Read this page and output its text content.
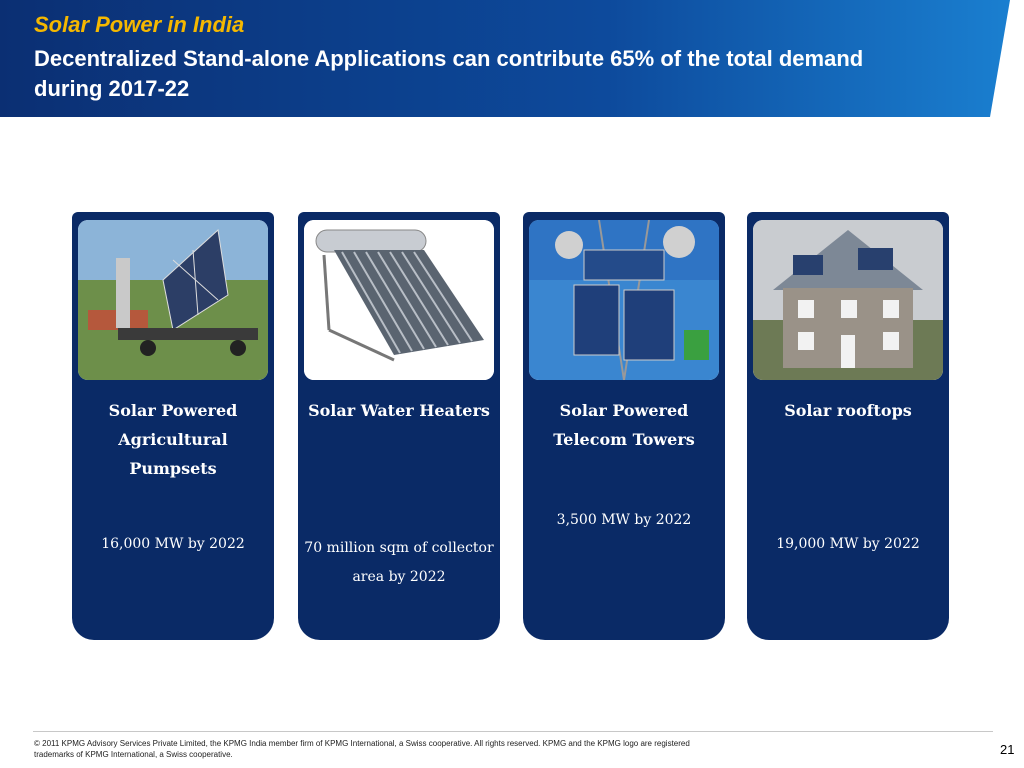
Solar Power in India
Decentralized Stand-alone Applications can contribute 65% of the total demand during 2017-22
Solar Powered Agricultural Pumpsets
16,000 MW by 2022
Solar Water Heaters
70 million sqm of collector area by 2022
Solar Powered Telecom Towers
3,500 MW by 2022
Solar rooftops
19,000 MW by 2022
© 2011 KPMG Advisory Services Private Limited, the KPMG India member firm of KPMG International, a Swiss cooperative. All rights reserved. KPMG and the KPMG logo are registered trademarks of KPMG International, a Swiss cooperative.	21
